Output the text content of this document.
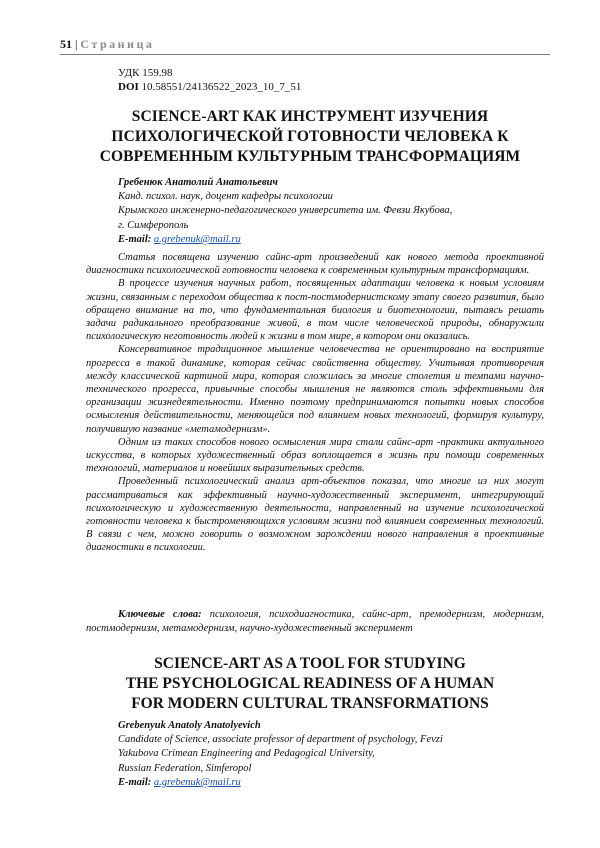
51 | Страница
УДК 159.98
DOI 10.58551/24136522_2023_10_7_51
SCIENCE-ART КАК ИНСТРУМЕНТ ИЗУЧЕНИЯ
ПСИХОЛОГИЧЕСКОЙ ГОТОВНОСТИ ЧЕЛОВЕКА К
СОВРЕМЕННЫМ КУЛЬТУРНЫМ ТРАНСФОРМАЦИЯМ
Гребенюк Анатолий Анатольевич
Канд. психол. наук, доцент кафедры психологии
Крымского инженерно-педагогического университета им. Февзи Якубова,
г. Симферополь
E-mail: a.grebenuk@mail.ru

Статья посвящена изучению сайнс-арт произведений как нового метода проективной диагностики психологической готовности человека к современным культурным трансформациям.

В процессе изучения научных работ, посвященных адаптации человека к новым условиям жизни, связанным с переходом общества к пост-постмодернистскому этапу своего развития, было обращено внимание на то, что фундаментальная биология и биотехнологии, пытаясь решать задачи радикального преобразование живой, в том числе человеческой природы, обнаружили психологическую неготовность людей к жизни в том мире, в котором они оказались.

Консервативное традиционное мышление человечества не ориентировано на восприятие прогресса в такой динамике, которая сейчас свойственна обществу. Учитывая противоречия между классической картиной мира, которая сложилась за многие столетия и темпами научно- технического прогресса, привычные способы мышления не являются столь эффективными для организации жизнедеятельности. Именно поэтому предпринимаются попытки новых способов осмысления действительности, меняющейся под влиянием новых технологий, формируя культуру, получившую название «метамодернизм».

Одним из таких способов нового осмысления мира стали сайнс-арт -практики актуального искусства, в которых художественный образ воплощается в жизнь при помощи современных технологий, материалов и новейших выразительных средств.

Проведенный психологический анализ арт-объектов показал, что многие из них могут рассматриваться как эффективный научно-художественный эксперимент, интегрирующий психологическую и художественную деятельности, направленный на изучение психологической готовности человека к быстроменяющихся условиям жизни под влиянием современных технологий. В связи с чем, можно говорить о возможном зарождении нового направления в проективные диагностики в психологии.

Ключевые слова: психология, психодиагностика, сайнс-арт, премодернизм, модернизм, постмодернизм, метамодернизм, научно-художественный эксперимент
SCIENCE-ART AS A TOOL FOR STUDYING
THE PSYCHOLOGICAL READINESS OF A HUMAN
FOR MODERN CULTURAL TRANSFORMATIONS
Grebenyuk Anatoly Anatolyevich
Candidate of Science, associate professor of department of psychology, Fevzi
Yakubova Crimean Engineering and Pedagogical University,
Russian Federation, Simferopol
E-mail: a.grebenuk@mail.ru
